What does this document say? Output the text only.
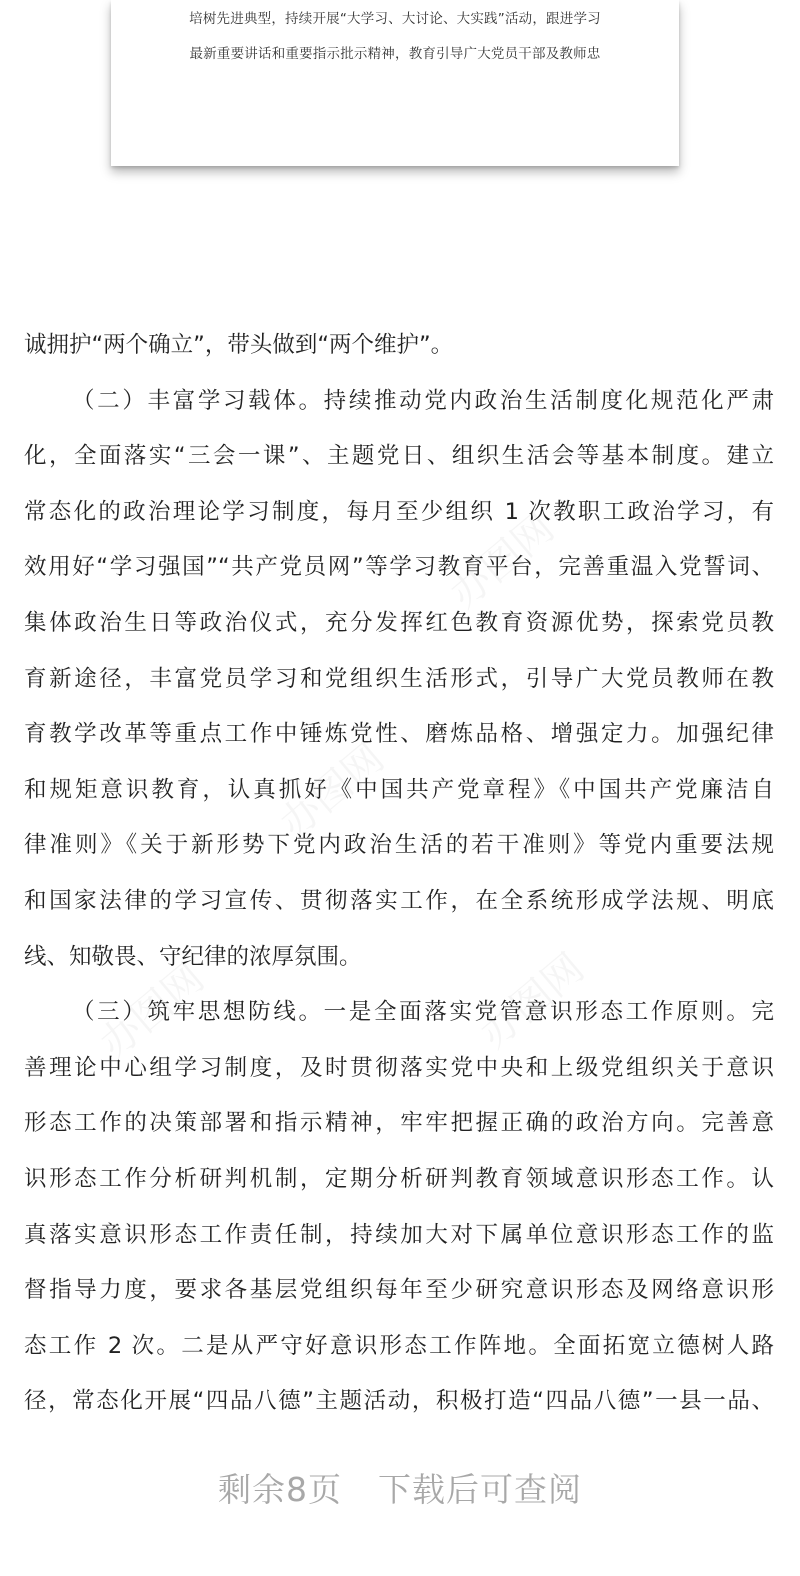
培树先进典型，持续开展“大学习、大讨论、大实践”活动，跟进学习
最新重要讲话和重要指示批示精神，教育引导广大党员干部及教师忠
办图网
办图网
办图网	办图网
诚拥护“两个确立”，带头做到“两个维护”。
（二）丰富学习载体。持续推动党内政治生活制度化规范化严肃
化，全面落实“三会一课”、主题党日、组织生活会等基本制度。建立
常态化的政治理论学习制度，每月至少组织 1 次教职工政治学习，有
效用好“学习强国”“共产党员网”等学习教育平台，完善重温入党誓词、
集体政治生日等政治仪式，充分发挥红色教育资源优势，探索党员教
育新途径，丰富党员学习和党组织生活形式，引导广大党员教师在教
育教学改革等重点工作中锤炼党性、磨炼品格、增强定力。加强纪律
和规矩意识教育，认真抓好《中国共产党章程》《中国共产党廉洁自
律准则》《关于新形势下党内政治生活的若干准则》等党内重要法规
和国家法律的学习宣传、贯彻落实工作，在全系统形成学法规、明底
线、知敬畏、守纪律的浓厚氛围。
（三）筑牢思想防线。一是全面落实党管意识形态工作原则。完
善理论中心组学习制度，及时贯彻落实党中央和上级党组织关于意识
形态工作的决策部署和指示精神，牢牢把握正确的政治方向。完善意
识形态工作分析研判机制，定期分析研判教育领域意识形态工作。认
真落实意识形态工作责任制，持续加大对下属单位意识形态工作的监
督指导力度，要求各基层党组织每年至少研究意识形态及网络意识形
态工作 2 次。二是从严守好意识形态工作阵地。全面拓宽立德树人路
径，常态化开展“四品八德”主题活动，积极打造“四品八德”一县一品、
剩余8页 下载后可查阅
